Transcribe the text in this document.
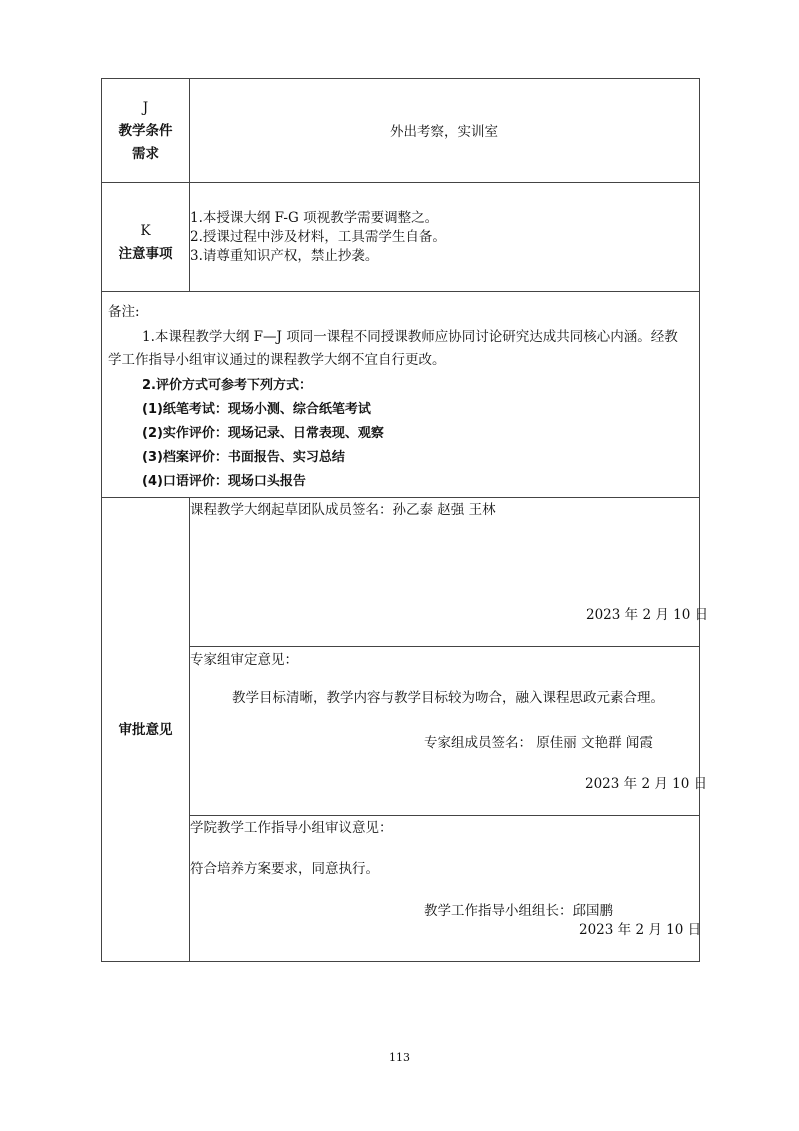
J
教学条件
需求
外出考察，实训室
K
注意事项
1.本授课大纲 F-G 项视教学需要调整之。
2.授课过程中涉及材料，工具需学生自备。
3.请尊重知识产权，禁止抄袭。
备注:
1.本课程教学大纲 F—J 项同一课程不同授课教师应协同讨论研究达成共同核心内涵。经教
学工作指导小组审议通过的课程教学大纲不宜自行更改。
2.评价方式可参考下列方式：
(1)纸笔考试：现场小测、综合纸笔考试
(2)实作评价：现场记录、日常表现、观察
(3)档案评价：书面报告、实习总结
(4)口语评价：现场口头报告
审批意见
课程教学大纲起草团队成员签名：孙乙泰 赵强 王林
2023 年 2 月 10 日
专家组审定意见：
教学目标清晰，教学内容与教学目标较为吻合，融入课程思政元素合理。
专家组成员签名： 原佳丽 文艳群 闻霞
2023 年 2 月 10 日
学院教学工作指导小组审议意见：
符合培养方案要求，同意执行。
教学工作指导小组组长：邱国鹏
2023 年 2 月 10 日
113
